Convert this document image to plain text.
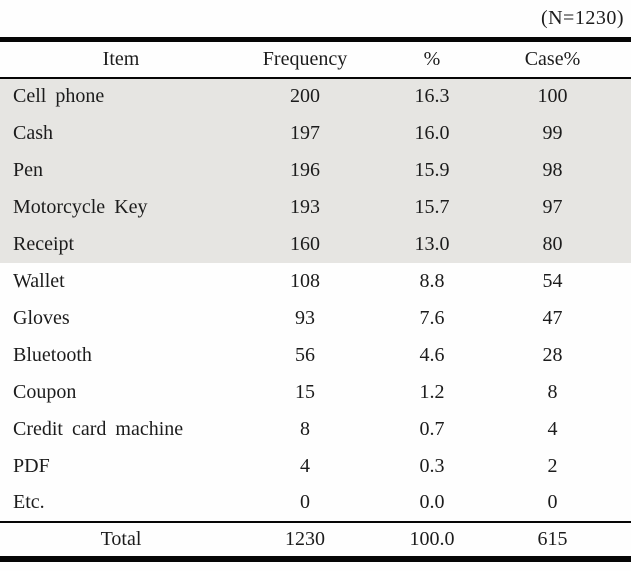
(N=1230)
Item	Frequency	%	Case%
Cell phone	200	16.3	100
Cash	197	16.0	99
Pen	196	15.9	98
Motorcycle Key	193	15.7	97
Receipt	160	13.0	80
Wallet	108	8.8	54
Gloves	93	7.6	47
Bluetooth	56	4.6	28
Coupon	15	1.2	8
Credit card machine	8	0.7	4
PDF	4	0.3	2
Etc.	0	0.0	0
Total	1230	100.0	615
